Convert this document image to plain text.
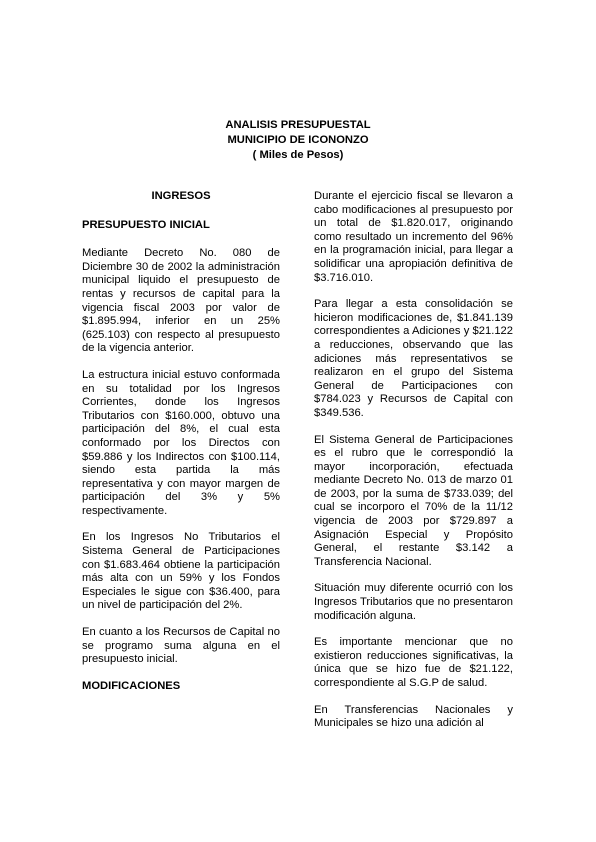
ANALISIS PRESUPUESTAL
MUNICIPIO DE ICONONZO
( Miles de Pesos)
INGRESOS
PRESUPUESTO INICIAL

Mediante Decreto No. 080 de Diciembre 30 de 2002 la administración municipal liquido el presupuesto de rentas y recursos de capital para la vigencia fiscal 2003 por valor de $1.895.994, inferior en un 25% (625.103) con respecto al presupuesto de la vigencia anterior.

La estructura inicial estuvo conformada en su totalidad por los Ingresos Corrientes, donde los Ingresos Tributarios con $160.000, obtuvo una participación del 8%, el cual esta conformado por los Directos con $59.886 y los Indirectos con $100.114, siendo esta partida la más representativa y con mayor margen de participación del 3% y 5% respectivamente.

En los Ingresos No Tributarios el Sistema General de Participaciones con $1.683.464 obtiene la participación más alta con un 59% y los Fondos Especiales le sigue con $36.400, para un nivel de participación del 2%.

En cuanto a los Recursos de Capital no se programo suma alguna en el presupuesto inicial.

MODIFICACIONES

Durante el ejercicio fiscal se llevaron a cabo modificaciones al presupuesto por un total de $1.820.017, originando como resultado un incremento del 96% en la programación inicial, para llegar a solidificar una apropiación definitiva de $3.716.010.

Para llegar a esta consolidación se hicieron modificaciones de, $1.841.139 correspondientes a Adiciones y $21.122 a reducciones, observando que las adiciones más representativos se realizaron en el grupo del Sistema General de Participaciones con $784.023 y Recursos de Capital con $349.536.

El Sistema General de Participaciones es el rubro que le correspondió la mayor incorporación, efectuada mediante Decreto No. 013 de marzo 01 de 2003, por la suma de $733.039; del cual se incorporo el 70% de la 11/12 vigencia de 2003 por $729.897 a Asignación Especial y Propósito General, el restante $3.142 a Transferencia Nacional.

Situación muy diferente ocurrió con los Ingresos Tributarios que no presentaron modificación alguna.

Es importante mencionar que no existieron reducciones significativas, la única que se hizo fue de $21.122, correspondiente al S.G.P de salud.

En Transferencias Nacionales y Municipales se hizo una adición al
